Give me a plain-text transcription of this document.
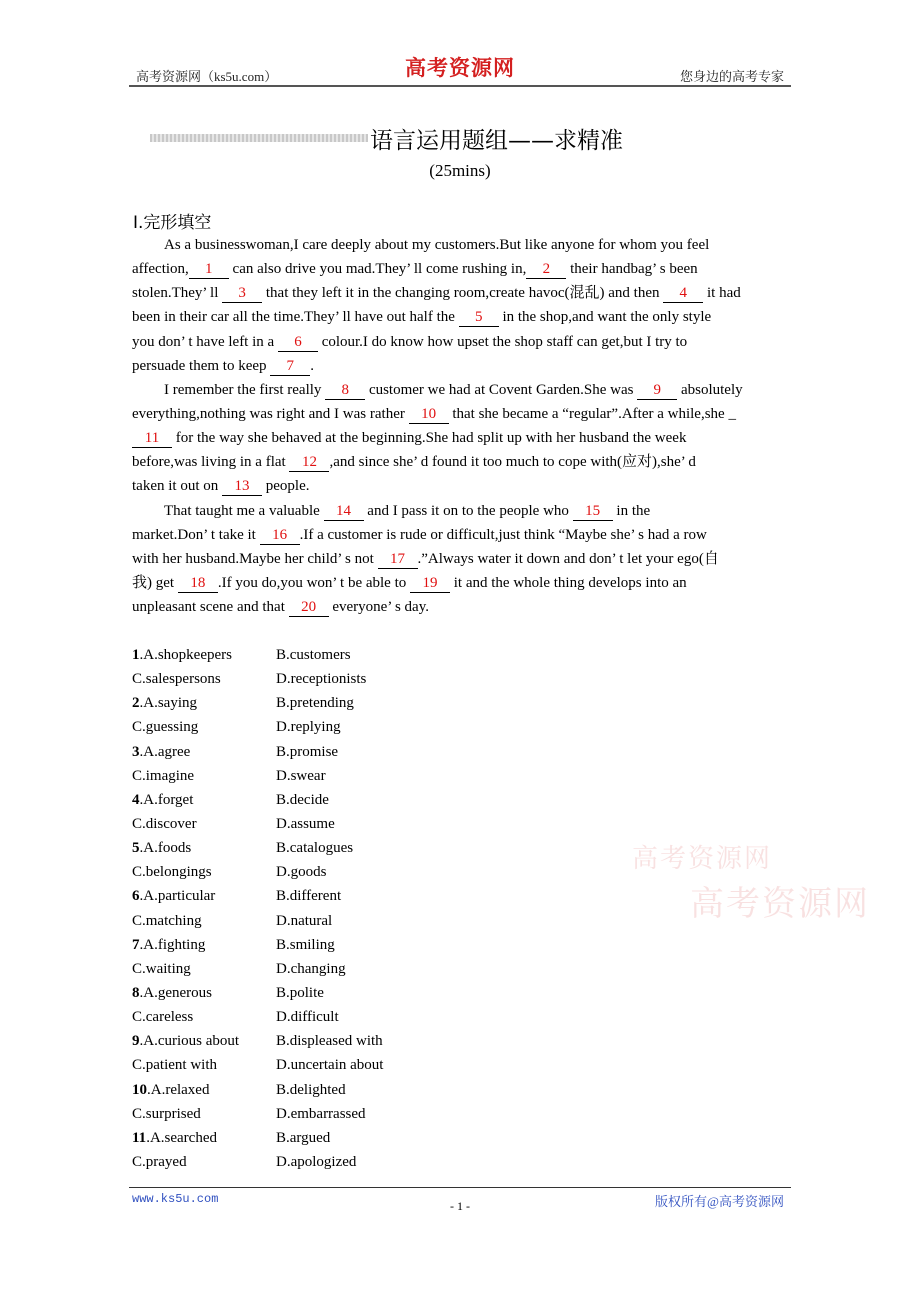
高考资源网（ks5u.com）	高考资源网	您身边的高考专家
语言运用题组——求精准
(25mins)
Ⅰ.完形填空
As a businesswoman,I care deeply about my customers.But like anyone for whom you feel
affection, 1 can also drive you mad.They’ ll come rushing in, 2 their handbag’ s been
stolen.They’ ll 3 that they left it in the changing room,create havoc(混乱) and then 4 it had
been in their car all the time.They’ ll have out half the 5 in the shop,and want the only style
you don’ t have left in a 6 colour.I do know how upset the shop staff can get,but I try to
persuade them to keep 7 .
I remember the first really 8 customer we had at Covent Garden.She was 9 absolutely
everything,nothing was right and I was rather 10 that she became a “regular”.After a while,she _
11 for the way she behaved at the beginning.She had split up with her husband the week
before,was living in a flat 12 ,and since she’ d found it too much to cope with(应对),she’ d
taken it out on 13 people.
That taught me a valuable 14 and I pass it on to the people who 15 in the
market.Don’ t take it 16 .If a customer is rude or difficult,just think “Maybe she’ s had a row
with her husband.Maybe her child’ s not 17 .”Always water it down and don’ t let your ego(自
我) get 18 .If you do,you won’ t be able to 19 it and the whole thing develops into an
unpleasant scene and that 20 everyone’ s day.
1.A.shopkeepers	B.customers
C.salespersons	D.receptionists
2.A.saying	B.pretending
C.guessing	D.replying
3.A.agree	B.promise
C.imagine	D.swear
4.A.forget	B.decide
C.discover	D.assume
5.A.foods	B.catalogues
C.belongings	D.goods
6.A.particular	B.different
C.matching	D.natural
7.A.fighting	B.smiling
C.waiting	D.changing
8.A.generous	B.polite
C.careless	D.difficult
9.A.curious about B.displeased with
C.patient with	D.uncertain about
10.A.relaxed	B.delighted
C.surprised	D.embarrassed
11.A.searched	B.argued
C.prayed	D.apologized
高考资源网
高考资源网
www.ks5u.com	- 1 -	版权所有@高考资源网
